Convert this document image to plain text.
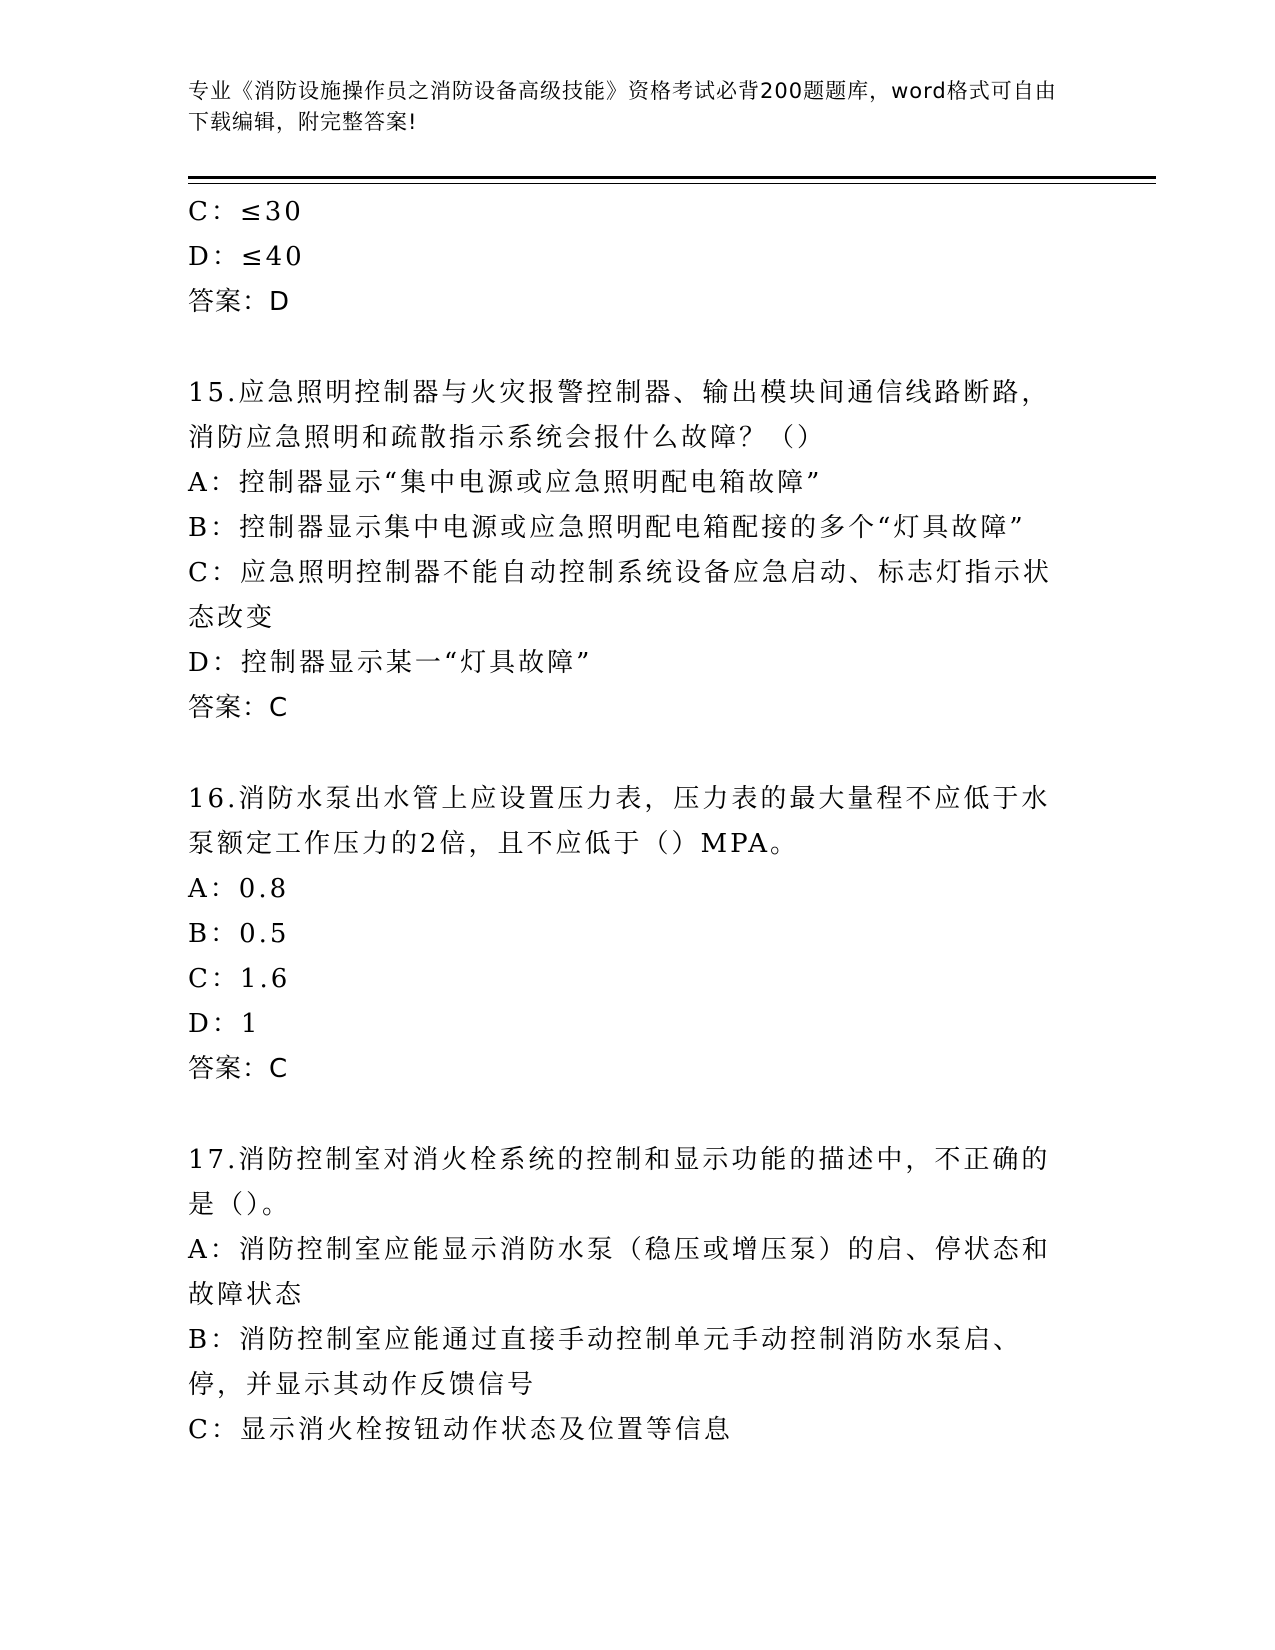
专业《消防设施操作员之消防设备高级技能》资格考试必背200题题库，word格式可自由下载编辑，附完整答案!

C：≤30

D：≤40

答案：D

15.应急照明控制器与火灾报警控制器、输出模块间通信线路断路，消防应急照明和疏散指示系统会报什么故障？（）

A：控制器显示“集中电源或应急照明配电箱故障”

B：控制器显示集中电源或应急照明配电箱配接的多个“灯具故障”

C：应急照明控制器不能自动控制系统设备应急启动、标志灯指示状态改变

D：控制器显示某一“灯具故障”

答案：C

16.消防水泵出水管上应设置压力表，压力表的最大量程不应低于水泵额定工作压力的2倍，且不应低于（）MPA。

A：0.8

B：0.5

C：1.6

D：1

答案：C

17.消防控制室对消火栓系统的控制和显示功能的描述中，不正确的是（）。

A：消防控制室应能显示消防水泵（稳压或增压泵）的启、停状态和故障状态

B：消防控制室应能通过直接手动控制单元手动控制消防水泵启、停，并显示其动作反馈信号

C：显示消火栓按钮动作状态及位置等信息
